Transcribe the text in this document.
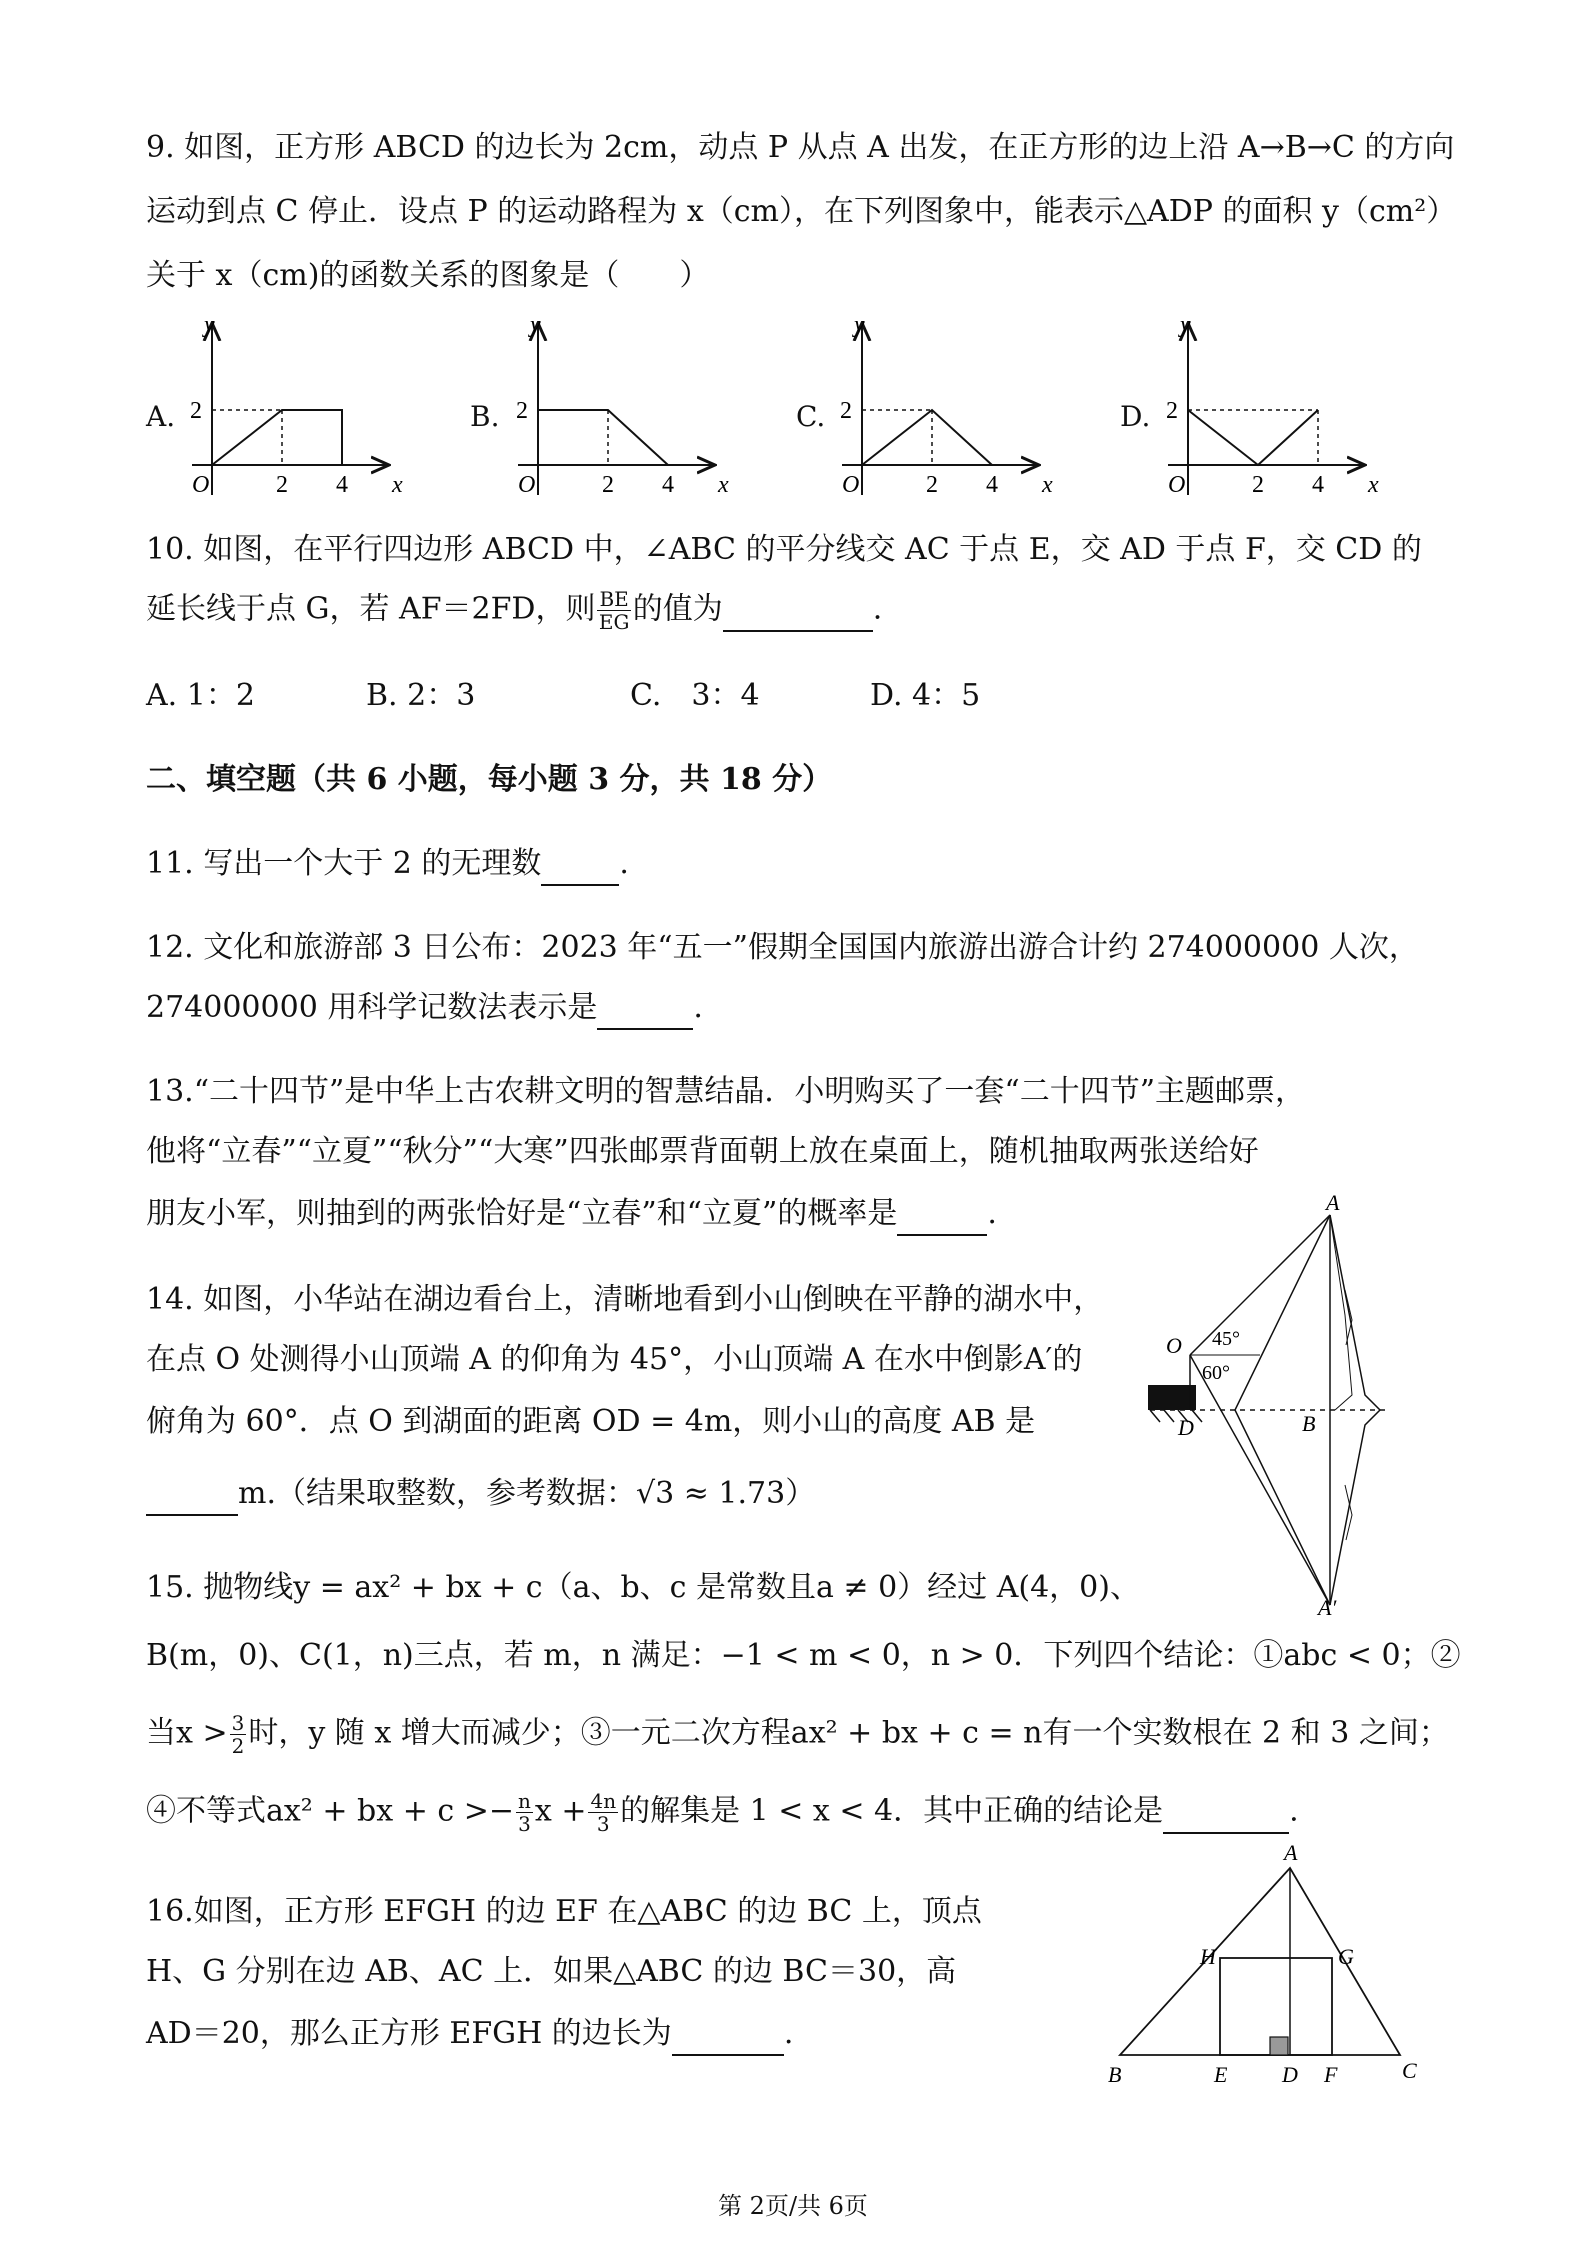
9. 如图，正方形 ABCD 的边长为 2cm，动点 P 从点 A 出发，在正方形的边上沿 A→B→C 的方向
运动到点 C 停止．设点 P 的运动路程为 x（cm），在下列图象中，能表示△ADP 的面积 y（cm²）
关于 x（cm)的函数关系的图象是（　　）
A.
y
x
O
2
2 4
B.
y
x
O
2
2 4
C.
y
x
O
2
2 4
D.
y
x
O
2
2 4
10. 如图，在平行四边形 ABCD 中，∠ABC 的平分线交 AC 于点 E，交 AD 于点 F，交 CD 的
延长线于点 G，若 AF＝2FD，则 $\frac{BE}{EG}$ 的值为	.
A. 1：2	B. 2：3	C.　3：4	D. 4：5
二、填空题（共 6 小题，每小题 3 分，共 18 分）
11. 写出一个大于 2 的无理数	.
12. 文化和旅游部 3 日公布：2023 年“五一”假期全国国内旅游出游合计约 274000000 人次，
274000000 用科学记数法表示是	.
13.“二十四节”是中华上古农耕文明的智慧结晶．小明购买了一套“二十四节”主题邮票，
他将“立春”“立夏”“秋分”“大寒”四张邮票背面朝上放在桌面上，随机抽取两张送给好
朋友小军，则抽到的两张恰好是“立春”和“立夏”的概率是	.
14. 如图，小华站在湖边看台上，清晰地看到小山倒映在平静的湖水中，
在点 O 处测得小山顶端 A 的仰角为 45°，小山顶端 A 在水中倒影A′的
俯角为 60°．点 O 到湖面的距离 OD = 4m，则小山的高度 AB 是
m.（结果取整数，参考数据：√3 ≈ 1.73）
A
A′
O
D	B
45°
60°
15. 抛物线y = ax² + bx + c（a、b、c 是常数且a ≠ 0）经过 A(4，0)、
B(m，0)、C(1，n)三点，若 m，n 满足：−1 < m < 0，n > 0．下列四个结论：①abc < 0；②
当$x > \frac{3}{2}$ 时，y 随 x 增大而减少；③一元二次方程ax² + bx + c = n有一个实数根在 2 和 3 之间；
④不等式ax² + bx + $c >- \frac{n}{3}$ $x + \frac{4n}{3}$ 的解集是 1 < x < 4．其中正确的结论是	.
16.如图，正方形 EFGH 的边 EF 在△ABC 的边 BC 上，顶点
H、G 分别在边 AB、AC 上．如果△ABC 的边 BC＝30，高
AD＝20，那么正方形 EFGH 的边长为	.
A
B	C
D
E	F
G
H
第 2页/共 6页
